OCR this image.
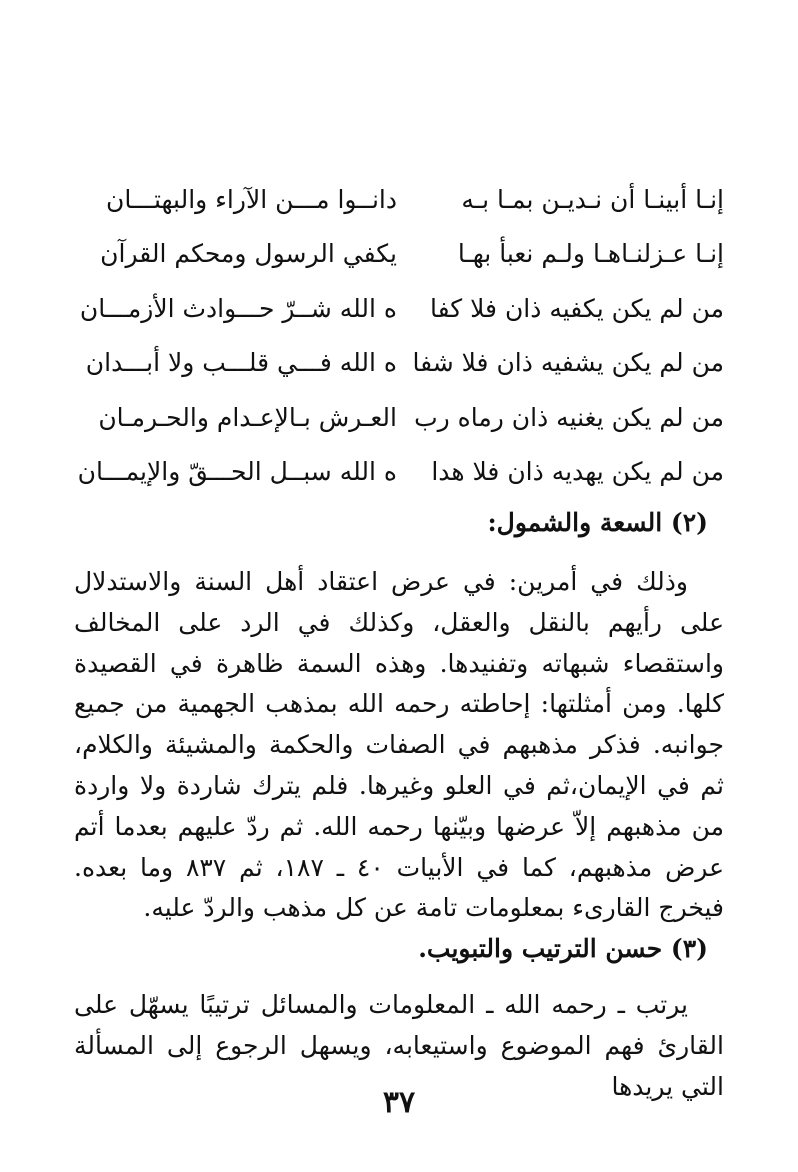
إنـا أبينـا أن نـديـن بمـا بـه
دانــوا مـــن الآراء والبهتـــان
إنـا عـزلنـاهـا ولـم نعبأ بهـا
يكفي الرسول ومحكم القرآن
من لم يكن يكفيه ذان فلا كفا
ه الله شــرّ حـــوادث الأزمـــان
من لم يكن يشفيه ذان فلا شفا
ه الله فـــي قلـــب ولا أبـــدان
من لم يكن يغنيه ذان رماه رب
العـرش بـالإعـدام والحـرمـان
من لم يكن يهديه ذان فلا هدا
ه الله سبــل الحـــقّ والإيمـــان
(٢) السعة والشمول:

وذلك في أمرين: في عرض اعتقاد أهل السنة والاستدلال على رأيهم بالنقل والعقل، وكذلك في الرد على المخالف واستقصاء شبهاته وتفنيدها. وهذه السمة ظاهرة في القصيدة كلها. ومن أمثلتها: إحاطته رحمه الله بمذهب الجهمية من جميع جوانبه. فذكر مذهبهم في الصفات والحكمة والمشيئة والكلام، ثم في الإيمان،ثم في العلو وغيرها. فلم يترك شاردة ولا واردة من مذهبهم إلاّ عرضها وبيّنها رحمه الله. ثم ردّ عليهم بعدما أتم عرض مذهبهم، كما في الأبيات ٤٠ ـ ١٨٧، ثم ٨٣٧ وما بعده. فيخرج القارىء بمعلومات تامة عن كل مذهب والردّ عليه.

(٣) حسن الترتيب والتبويب.

يرتب ـ رحمه الله ـ المعلومات والمسائل ترتيبًا يسهّل على القارئ فهم الموضوع واستيعابه، ويسهل الرجوع إلى المسألة التي يريدها

٣٧
